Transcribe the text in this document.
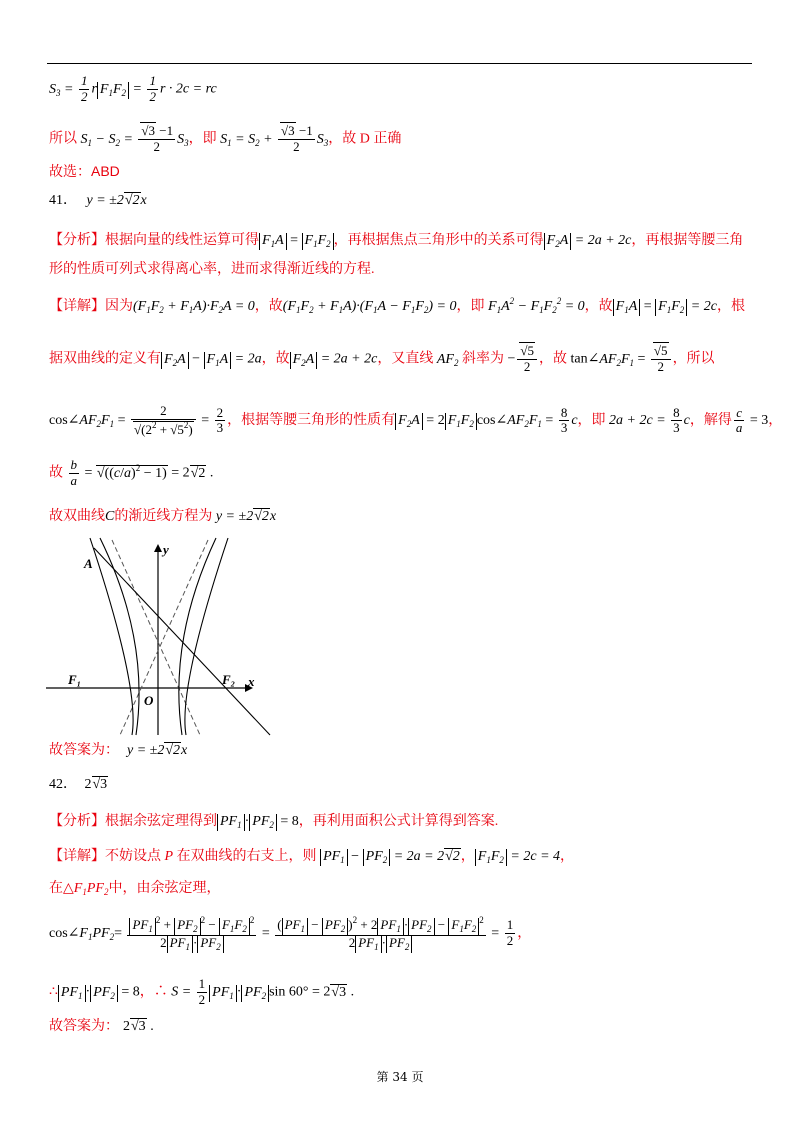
$S_3 = \frac{1}{2}$ r $F_1F_2 = \frac{1}{2}$ r · 2c = rc
所以 $S_1 - S_2 = \frac{√3 -1}{2} S_3$，即 $S_1 = S_2 + \frac{√3 -1}{2} S_3$，故 D 正确
故选：ABD
41． y = ±2√2x
【分析】根据向量的线性运算可得 $F_1A = F_1F_2$ ，再根据焦点三角形中的关系可得 $F_2A = 2a + 2c$，再根据等腰三角
形的性质可列式求得离心率，进而求得渐近线的方程.
【详解】因为$(F_1F_2 + F_1A)\cdot F_2A = 0$，故$(F_1F_2 + F_1A)\cdot(F_1A - F_1F_2) = 0$，即 $F_1A^2 - F_1F_2^2 = 0$，故 $F_1A = F_1F_2 = 2c$，根
据双曲线的定义有 $F_2A - F_1A = 2a$，故 $F_2A = 2a + 2c$，又直线 $AF_2$ 斜率为 − $\frac{√5}{2}$ ，故 $\tan\angle AF_2F_1 = \frac{√5}{2}$ ，所以
$\cos\angle AF_2F_1 = \frac{2}{√(2^2 + √5^2)} = \frac{2}{3}$ ，根据等腰三角形的性质有 $F_2A = 2$ $F_1F_2$ $\cos\angle AF_2F_1 = \frac{8}{3}$ c，即 $2a + 2c = \frac{8}{3}$ c，解得 $\frac{c}{a} = 3$，
故 $\frac{b}{a} = √((c/a)^2 - 1) = 2√2$ .
故双曲线C的渐近线方程为 y = ±2√2x
y
x
A
F₁	F₂
O
故答案为： y = ±2√2x
42． 2√3
【分析】根据余弦定理得到 $PF_1 \cdot PF_2 = 8$，再利用面积公式计算得到答案.
【详解】不妨设点 P 在双曲线的右支上，则 $PF_1 - PF_2 = 2a = 2√2$， $F_1F_2 = 2c = 4$，
在$\triangle F_1PF_2$中，由余弦定理，
$\cos\angle F_1PF_2= \frac{PF_1^2 + PF_2^2 - F_1F_2^2}{2 PF_1 \cdot PF_2} = \frac{( PF_1 - PF_2 )^2 + 2 PF_1 \cdot PF_2 - F_1F_2^2}{2 PF_1 \cdot PF_2} = \frac{1}{2}$ ，
∴ $PF_1 \cdot PF_2 = 8$，∴ $S = \frac{1}{2} PF_1 \cdot PF_2$ sin 60° = 2√3 .
故答案为： 2√3 .
第 34 页
